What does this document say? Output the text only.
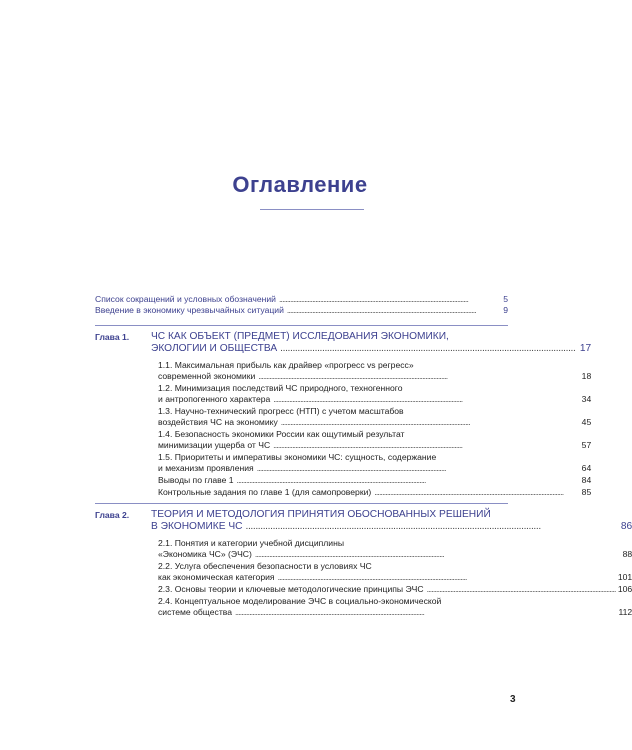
Оглавление
Список сокращений и условных обозначений . . .	5
Введение в экономику чрезвычайных ситуаций . . .	9
Глава 1.	ЧС КАК ОБЪЕКТ (ПРЕДМЕТ) ИССЛЕДОВАНИЯ ЭКОНОМИКИ,
ЭКОЛОГИИ И ОБЩЕСТВА . . .	17
1.1. Максимальная прибыль как драйвер «прогресс vs регресс»
современной экономики . . .	18
1.2. Минимизация последствий ЧС природного, техногенного
и антропогенного характера . . .	34
1.3. Научно-технический прогресс (НТП) с учетом масштабов
воздействия ЧС на экономику . . .	45
1.4. Безопасность экономики России как ощутимый результат
минимизации ущерба от ЧС . . .	57
1.5. Приоритеты и императивы экономики ЧС: сущность, содержание
и механизм проявления . . .	64
Выводы по главе 1 . . .	84
Контрольные задания по главе 1 (для самопроверки) . . .	85
Глава 2.	ТЕОРИЯ И МЕТОДОЛОГИЯ ПРИНЯТИЯ ОБОСНОВАННЫХ РЕШЕНИЙ
В ЭКОНОМИКЕ ЧС . . .	86
2.1. Понятия и категории учебной дисциплины
«Экономика ЧС» (ЭЧС) . . .	88
2.2. Услуга обеспечения безопасности в условиях ЧС
как экономическая категория . . .	101
2.3. Основы теории и ключевые методологические принципы ЭЧС . . .	106
2.4. Концептуальное моделирование ЭЧС в социально-экономической
системе общества . . .	112
3
